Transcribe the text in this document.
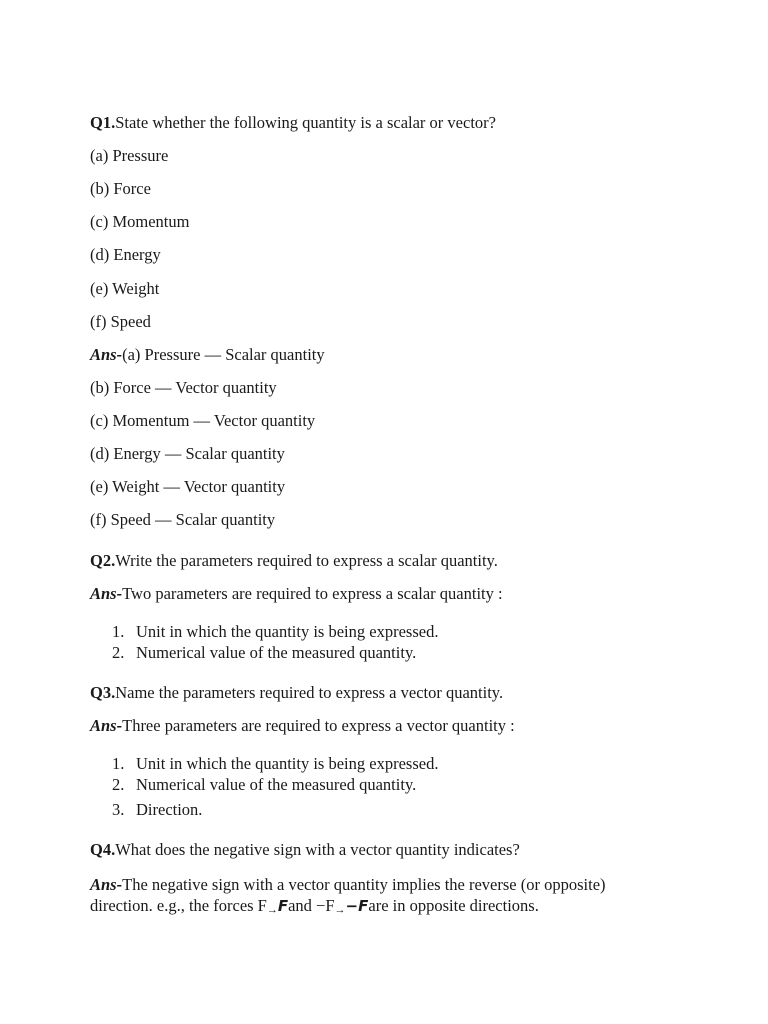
Q1.State whether the following quantity is a scalar or vector?
(a) Pressure
(b) Force
(c) Momentum
(d) Energy
(e) Weight
(f) Speed
Ans-(a) Pressure — Scalar quantity
(b) Force — Vector quantity
(c) Momentum — Vector quantity
(d) Energy — Scalar quantity
(e) Weight — Vector quantity
(f) Speed — Scalar quantity
Q2.Write the parameters required to express a scalar quantity.
Ans-Two parameters are required to express a scalar quantity :
1. Unit in which the quantity is being expressed.
2. Numerical value of the measured quantity.
Q3.Name the parameters required to express a vector quantity.
Ans-Three parameters are required to express a vector quantity :
1. Unit in which the quantity is being expressed.
2. Numerical value of the measured quantity.
3. Direction.
Q4.What does the negative sign with a vector quantity indicates?
Ans-The negative sign with a vector quantity implies the reverse (or opposite)
direction. e.g., the forces F→Fand −F→−Fare in opposite directions.
